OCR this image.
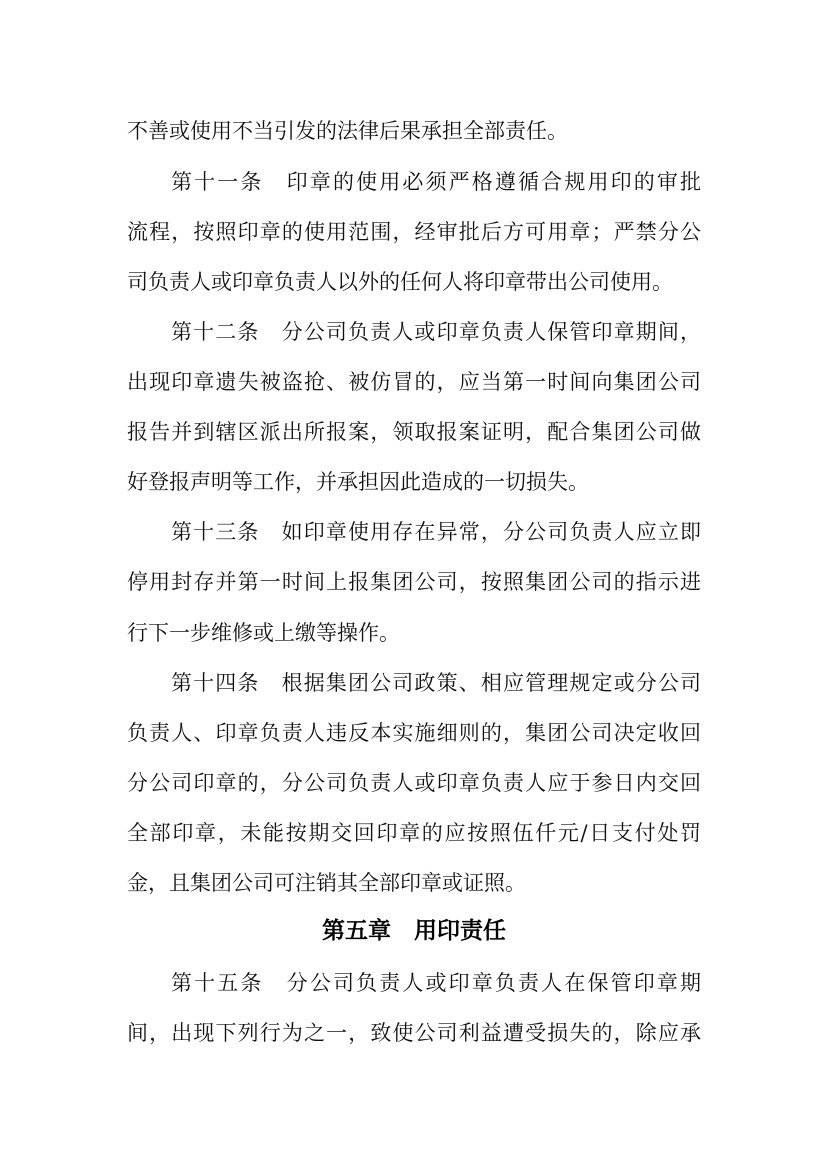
不善或使用不当引发的法律后果承担全部责任。
第十一条　印章的使用必须严格遵循合规用印的审批
流程，按照印章的使用范围，经审批后方可用章；严禁分公
司负责人或印章负责人以外的任何人将印章带出公司使用。
第十二条　分公司负责人或印章负责人保管印章期间，
出现印章遗失被盗抢、被仿冒的，应当第一时间向集团公司
报告并到辖区派出所报案，领取报案证明，配合集团公司做
好登报声明等工作，并承担因此造成的一切损失。
第十三条　如印章使用存在异常，分公司负责人应立即
停用封存并第一时间上报集团公司，按照集团公司的指示进
行下一步维修或上缴等操作。
第十四条　根据集团公司政策、相应管理规定或分公司
负责人、印章负责人违反本实施细则的，集团公司决定收回
分公司印章的，分公司负责人或印章负责人应于参日内交回
全部印章，未能按期交回印章的应按照伍仟元/日支付处罚
金，且集团公司可注销其全部印章或证照。
第五章　用印责任
第十五条　分公司负责人或印章负责人在保管印章期
间，出现下列行为之一，致使公司利益遭受损失的，除应承
